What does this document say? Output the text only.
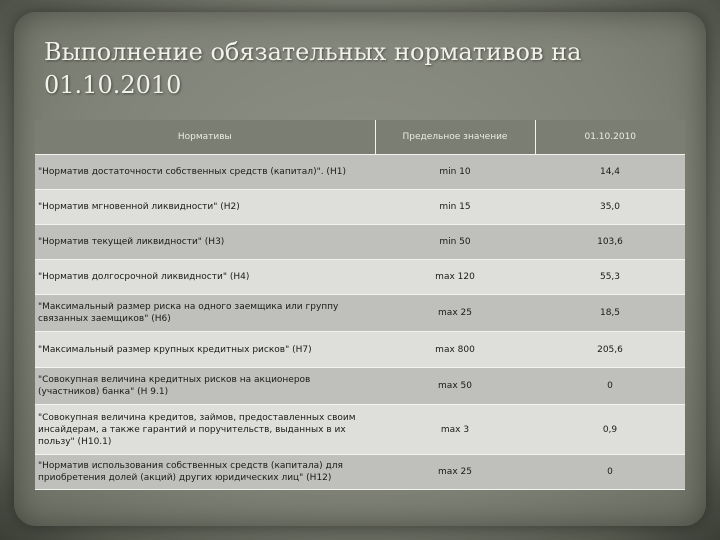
Выполнение обязательных нормативов на 01.10.2010
Нормативы	Предельное значение	01.10.2010
"Норматив достаточности собственных средств (капитал)". (Н1)	min 10	14,4
"Норматив мгновенной ликвидности" (Н2)	min 15	35,0
"Норматив текущей ликвидности" (Н3)	min 50	103,6
"Норматив долгосрочной ликвидности" (Н4)	max 120	55,3
"Максимальный размер риска на одного заемщика или группу связанных заемщиков" (Н6)	max 25	18,5
"Максимальный размер крупных кредитных рисков" (Н7)	max 800	205,6
"Совокупная величина кредитных рисков на акционеров (участников) банка" (Н 9.1)	max 50	0
"Совокупная величина кредитов, займов, предоставленных своим инсайдерам, а также гарантий и поручительств, выданных в их пользу" (Н10.1)	max 3	0,9
"Норматив использования собственных средств (капитала) для приобретения долей (акций) других юридических лиц" (Н12)	max 25	0
